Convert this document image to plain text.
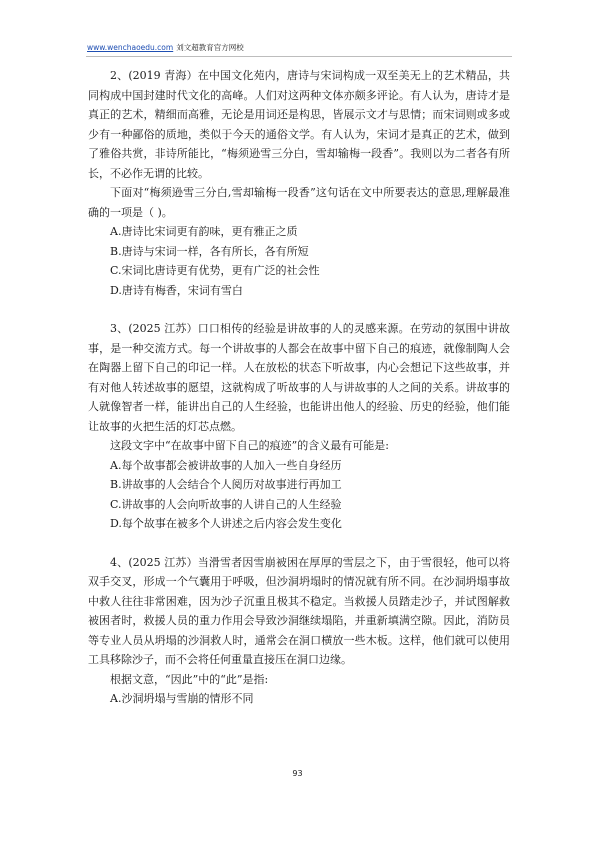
www.wenchaoedu.com 刘文超教育官方网校

2、(2019 青海）在中国文化苑内，唐诗与宋词构成一双至美无上的艺术精品，共同构成中国封建时代文化的高峰。人们对这两种文体亦颇多评论。有人认为，唐诗才是真正的艺术，精细而高雅，无论是用词还是构思，皆展示文才与思情；而宋词则或多或少有一种鄙俗的质地，类似于今天的通俗文学。有人认为，宋词才是真正的艺术，做到了雅俗共赏，非诗所能比，“梅须逊雪三分白，雪却输梅一段香”。我则以为二者各有所长，不必作无谓的比较。

下面对“梅须逊雪三分白,雪却输梅一段香”这句话在文中所要表达的意思,理解最准确的一项是（ )。

A.唐诗比宋词更有韵味，更有雅正之质

B.唐诗与宋词一样，各有所长，各有所短

C.宋词比唐诗更有优势，更有广泛的社会性

D.唐诗有梅香，宋词有雪白

3、(2025 江苏）口口相传的经验是讲故事的人的灵感来源。在劳动的氛围中讲故事，是一种交流方式。每一个讲故事的人都会在故事中留下自己的痕迹，就像制陶人会在陶器上留下自己的印记一样。人在放松的状态下听故事，内心会想记下这些故事，并有对他人转述故事的愿望，这就构成了听故事的人与讲故事的人之间的关系。讲故事的人就像智者一样，能讲出自己的人生经验，也能讲出他人的经验、历史的经验，他们能让故事的火把生活的灯芯点燃。

这段文字中“在故事中留下自己的痕迹”的含义最有可能是:

A.每个故事都会被讲故事的人加入一些自身经历

B.讲故事的人会结合个人阅历对故事进行再加工

C.讲故事的人会向听故事的人讲自己的人生经验

D.每个故事在被多个人讲述之后内容会发生变化

4、(2025 江苏）当滑雪者因雪崩被困在厚厚的雪层之下，由于雪很轻，他可以将双手交叉，形成一个气囊用于呼吸，但沙洞坍塌时的情况就有所不同。在沙洞坍塌事故中救人往往非常困难，因为沙子沉重且极其不稳定。当救援人员踏走沙子，并试图解救被困者时，救援人员的重力作用会导致沙洞继续塌陷，并重新填满空隙。因此，消防员等专业人员从坍塌的沙洞救人时，通常会在洞口横放一些木板。这样，他们就可以使用工具移除沙子，而不会将任何重量直接压在洞口边缘。

根据文意，“因此”中的“此”是指:

A.沙洞坍塌与雪崩的情形不同

93
